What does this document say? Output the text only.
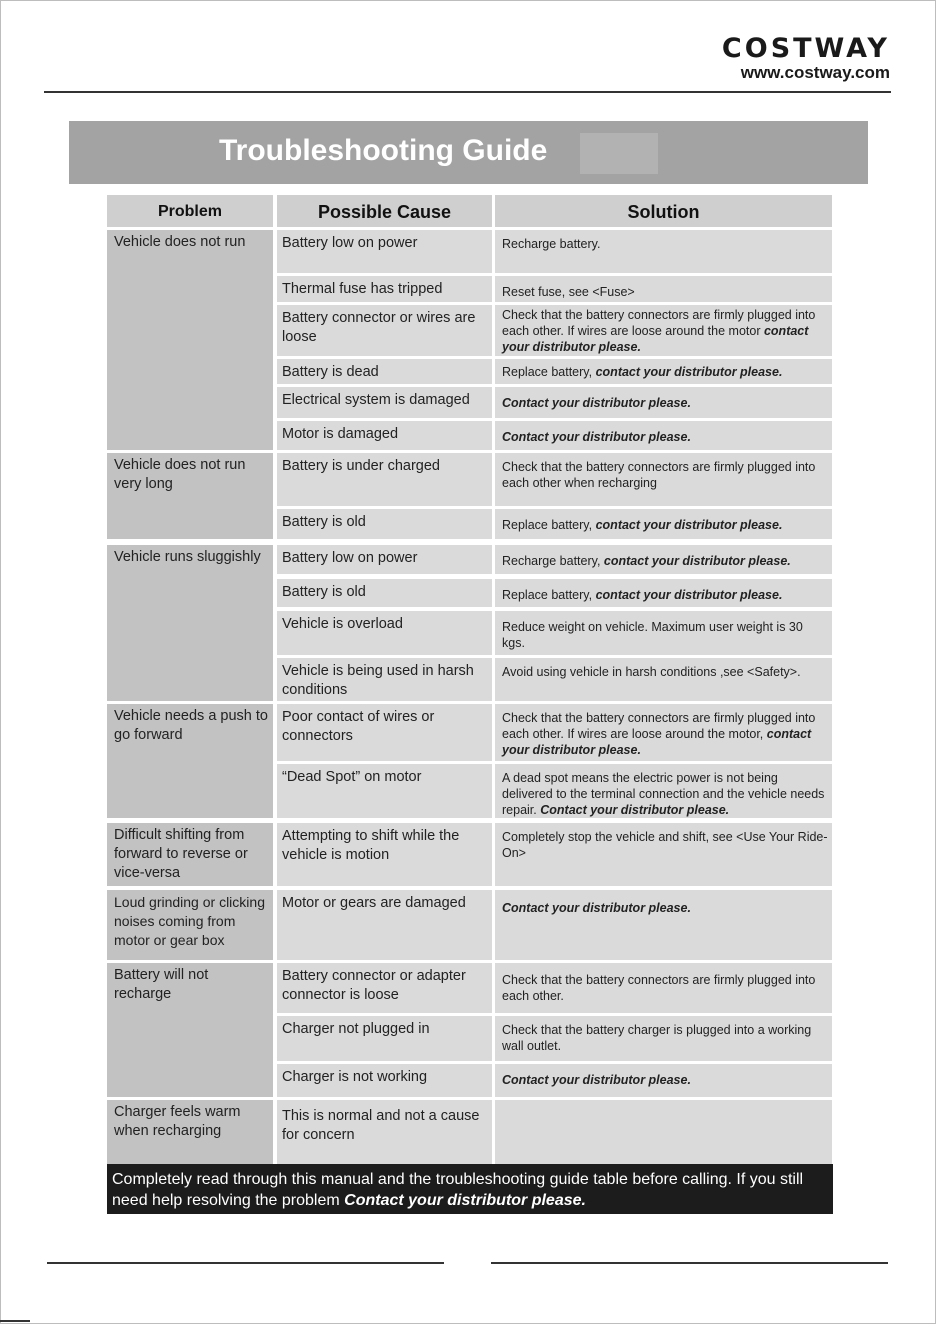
COSTWAY
www.costway.com
Troubleshooting Guide
Problem	Possible Cause	Solution
Vehicle does not run
Vehicle does not run very long
Vehicle runs sluggishly
Vehicle needs a push to go forward
Difficult shifting from forward to reverse or vice-versa
Loud grinding or clicking noises coming from motor or gear box
Battery will not recharge
Charger feels warm when recharging
Battery low on power
Thermal fuse has tripped
Battery connector or wires are loose
Battery is dead
Electrical system is damaged
Motor is damaged
Battery is under charged
Battery is old
Battery low on power
Battery is old
Vehicle is overload
Vehicle is being used in harsh conditions
Poor contact of wires or connectors
“Dead Spot” on motor
Attempting to shift while the vehicle is motion
Motor or gears are damaged
Battery connector or adapter connector is loose
Charger not plugged in
Charger is not working
This is normal and not a cause for concern
Recharge battery.
Reset fuse, see <Fuse>
Check that the battery connectors are firmly plugged into each other. If wires are loose around the motor contact your distributor please.
Replace battery, contact your distributor please.
Contact your distributor please.
Contact your distributor please.
Check that the battery connectors are firmly plugged into each other when recharging
Replace battery, contact your distributor please.
Recharge battery, contact your distributor please.
Replace battery, contact your distributor please.
Reduce weight on vehicle. Maximum user weight is 30 kgs.
Avoid using vehicle in harsh conditions ,see <Safety>.
Check that the battery connectors are firmly plugged into each other. If wires are loose around the motor, contact your distributor please.
A dead spot means the electric power is not being delivered to the terminal connection and the vehicle needs repair. Contact your distributor please.
Completely stop the vehicle and shift, see <Use Your Ride-On>
Contact your distributor please.
Check that the battery connectors are firmly plugged into each other.
Check that the battery charger is plugged into a working wall outlet.
Contact your distributor please.
Completely read through this manual and the troubleshooting guide table before calling. If you still need help resolving the problem Contact your distributor please.
